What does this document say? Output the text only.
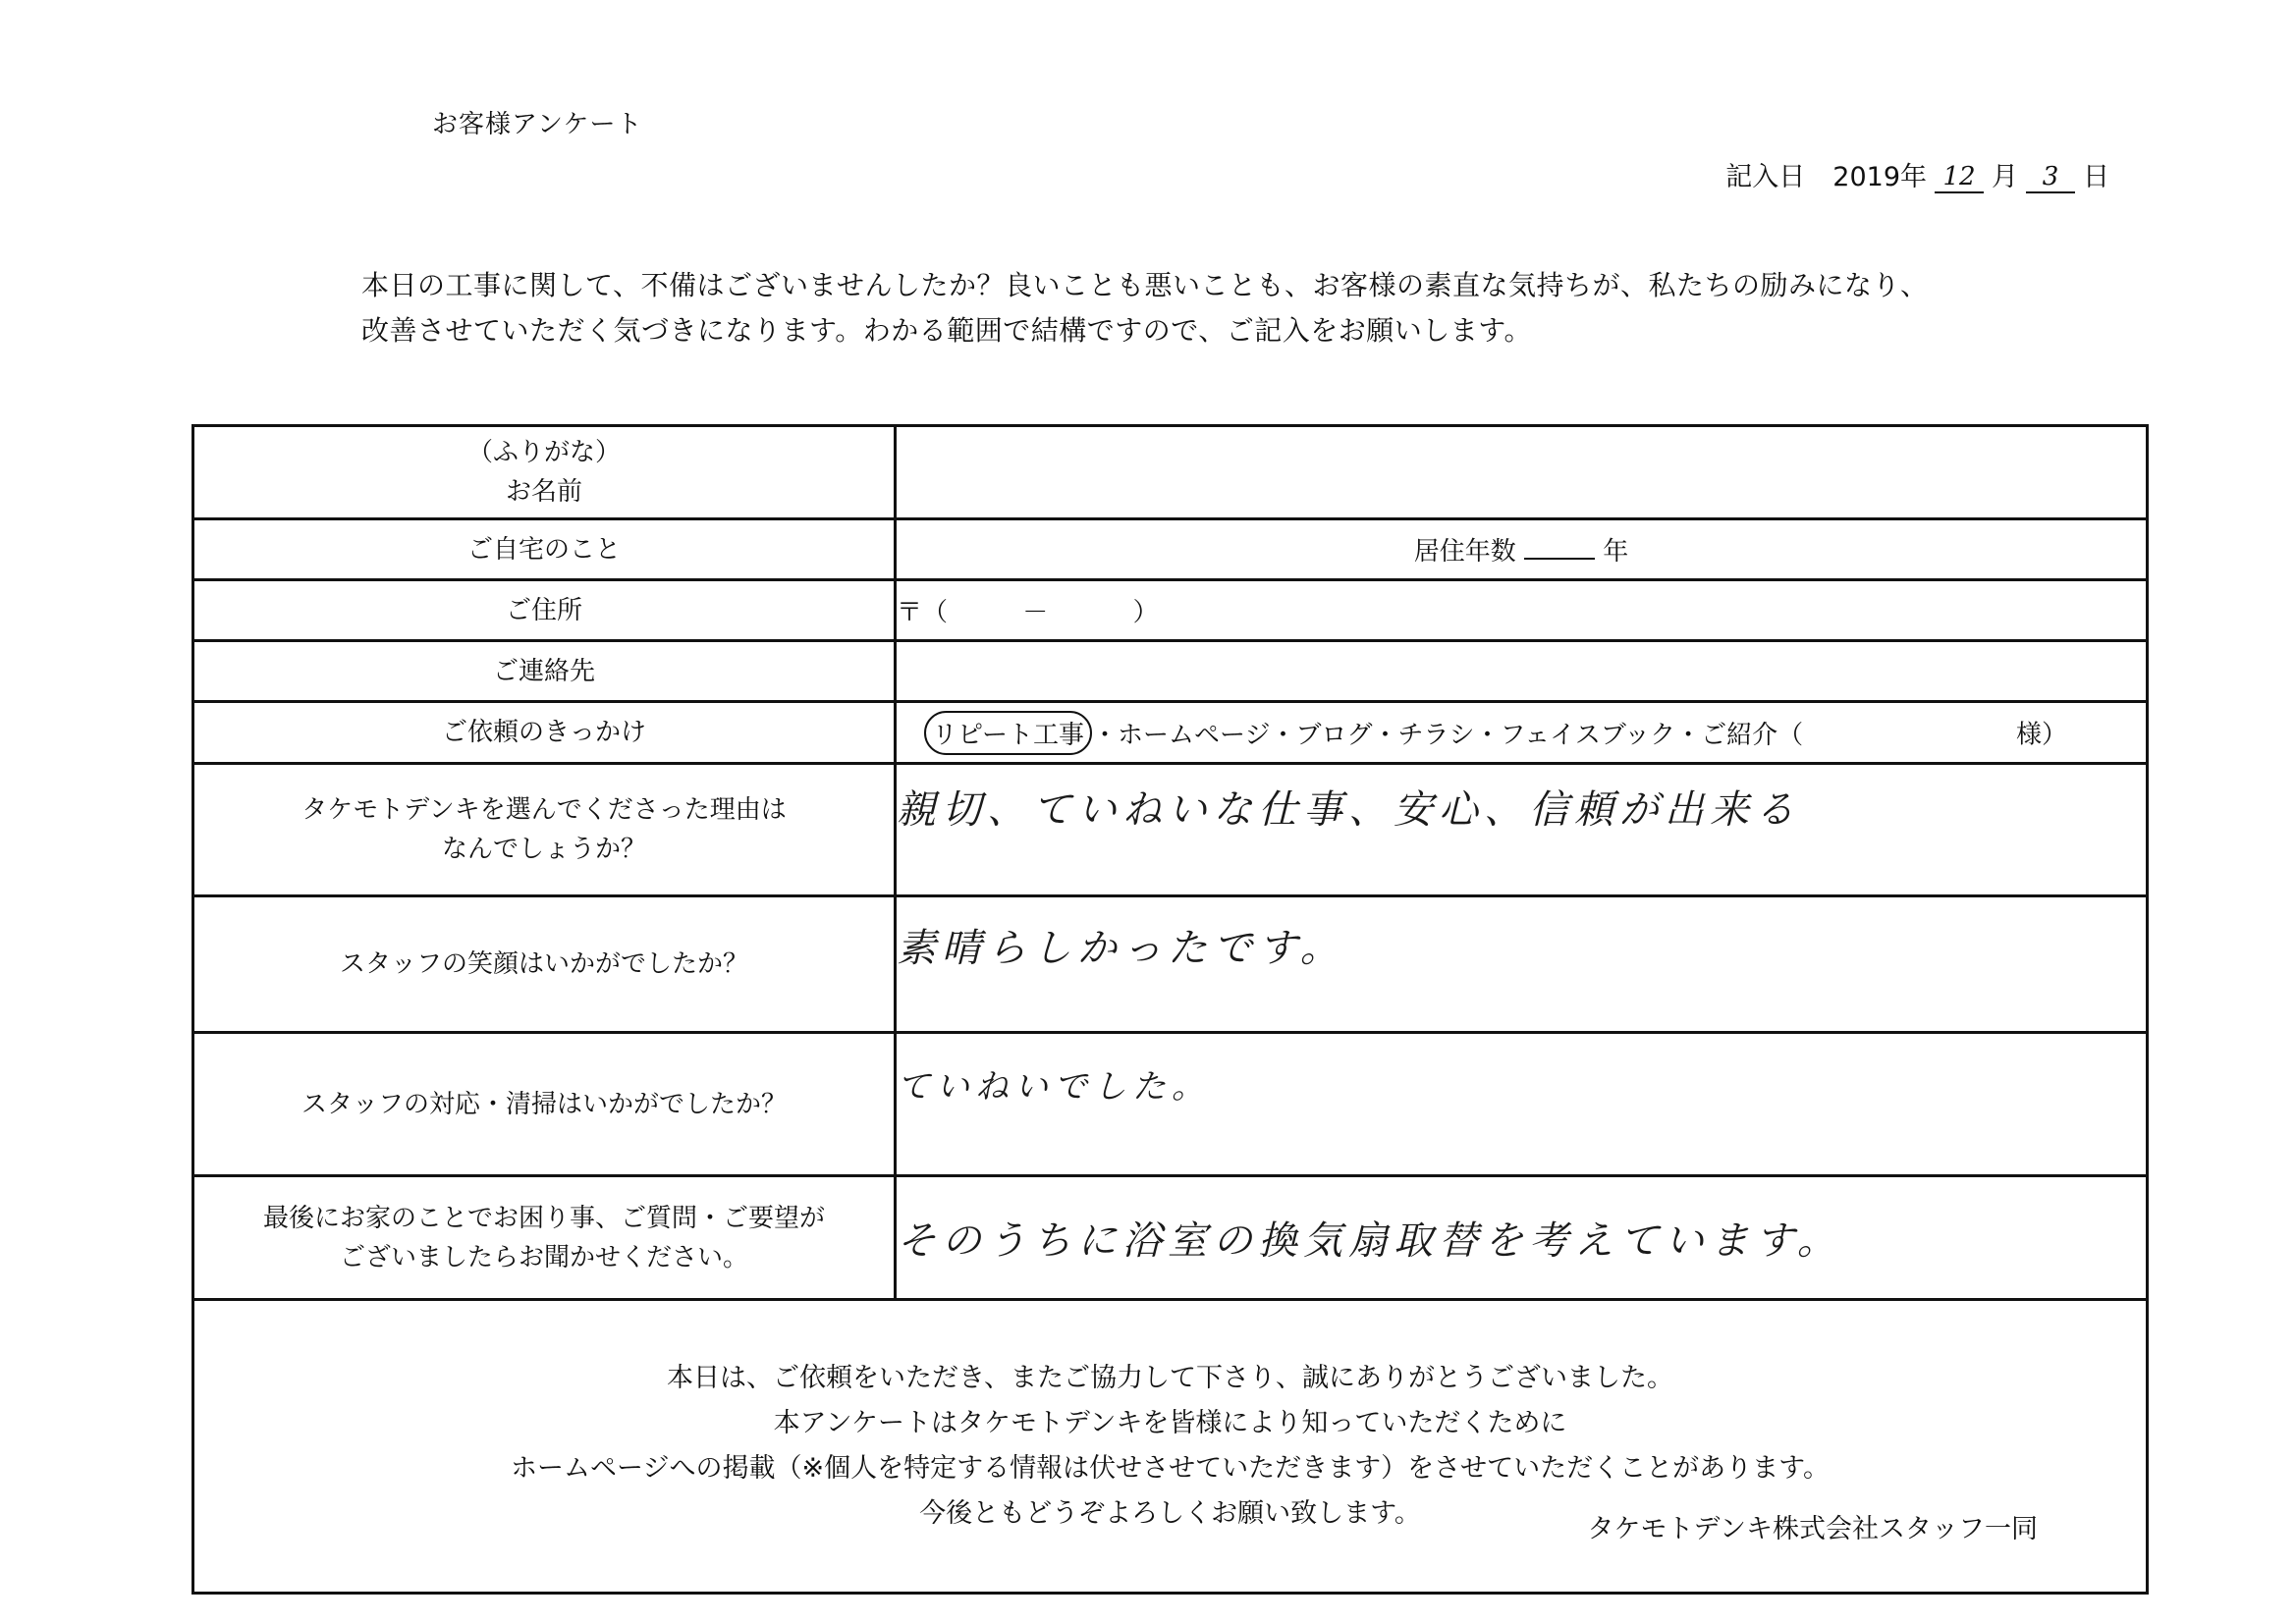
お客様アンケート
記入日 2019年 12 月 3 日
本日の工事に関して、不備はございませんしたか？良いことも悪いことも、お客様の素直な気持ちが、私たちの励みになり、
改善させていただく気づきになります。わかる範囲で結構ですので、ご記入をお願いします。
（ふりがな）
お名前	

ご自宅のこと	居住年数 年
ご住所	〒（ － ）
ご連絡先	
ご依頼のきっかけ	リピート工事 ・ホームページ・ブログ・チラシ・フェイスブック・ご紹介（ 様）

タケモトデンキを選んでくださった理由は
なんでしょうか？	親切、ていねいな仕事、安心、信頼が出来る
スタッフの笑顔はいかがでしたか？	素晴らしかったです。
スタッフの対応・清掃はいかがでしたか？	ていねいでした。

最後にお家のことでお困り事、ご質問・ご要望が
ございましたらお聞かせください。	そのうちに浴室の換気扇取替を考えています。

本日は、ご依頼をいただき、またご協力して下さり、誠にありがとうございました。
本アンケートはタケモトデンキを皆様により知っていただくために
ホームページへの掲載（※個人を特定する情報は伏せさせていただきます）をさせていただくことがあります。
今後ともどうぞよろしくお願い致します。
タケモトデンキ株式会社スタッフ一同	
